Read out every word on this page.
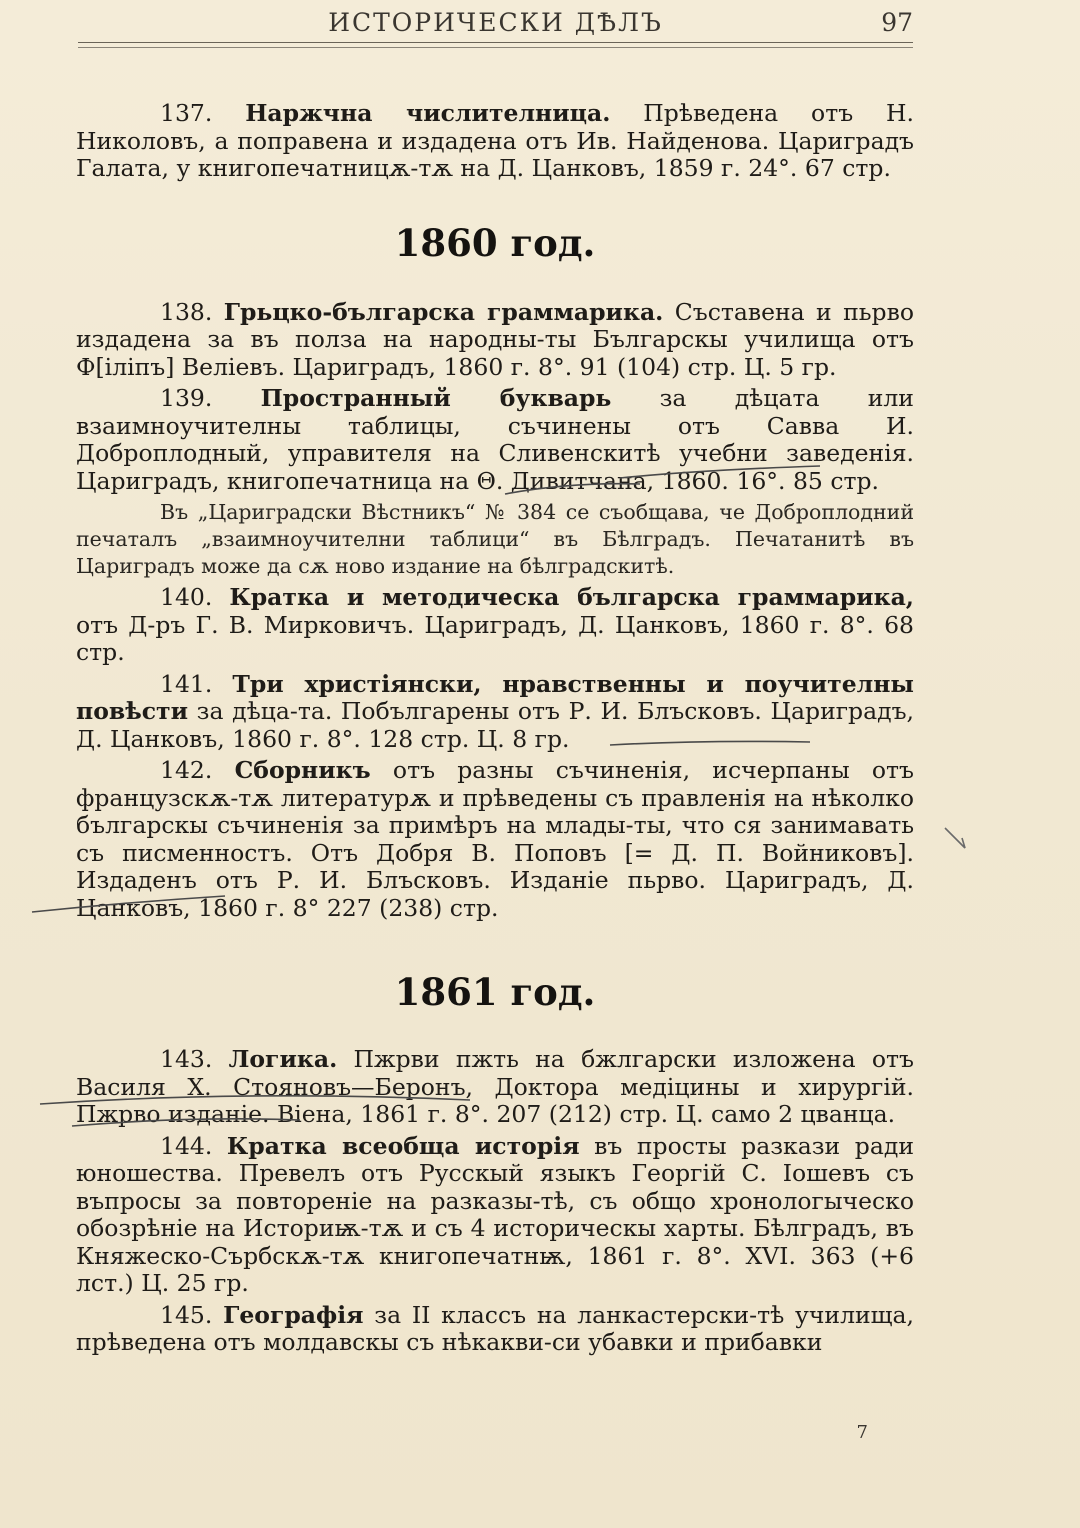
ИСТОРИЧЕСКИ ДѢЛЪ	97

137. Наржчна числителница. Прѣведена отъ Н. Николовъ, а поправена и издадена отъ Ив. Найденова. Цариградъ Галата, у книгопечатницѫ-тѫ на Д. Цанковъ, 1859 г. 24°. 67 стр.

1860 год.

138. Грьцко-българска граммарика. Съставена и пьрво издадена за въ полза на народны-ты Българскы училища отъ Ф[іліпъ] Велiевъ. Цариградъ, 1860 г. 8°. 91 (104) стр. Ц. 5 гр.

139. Пространный букварь за дѣцата или взаимноучителны таблицы, съчинены отъ Савва И. Доброплодный, управителя на Сливенскитѣ учебни заведенія. Цариградъ, книгопечатница на Θ. Дивитчана, 1860. 16°. 85 стр.

Въ „Цариградски Вѣстникъ“ № 384 се съобщава, че Доброплодний печаталъ „взаимноучителни таблици“ въ Бѣлградъ. Печатанитѣ въ Цариградъ може да сѫ ново издание на бѣлградскитѣ.

140. Кратка и методическа българска граммарика, отъ Д-ръ Г. В. Мирковичъ. Цариградъ, Д. Цанковъ, 1860 г. 8°. 68 стр.

141. Три христіянски, нравственны и поучителны повѣсти за дѣца-та. Побългарены отъ Р. И. Блъсковъ. Цариградъ, Д. Цанковъ, 1860 г. 8°. 128 стр. Ц. 8 гр.

142. Сборникъ отъ разны съчиненія, исчерпаны отъ французскѫ-тѫ литературѫ и прѣведены съ правленія на нѣколко българскы съчиненія за примѣръ на млады-ты, что ся занимавать съ писменностъ. Отъ Добря В. Поповъ [= Д. П. Войниковъ]. Издаденъ отъ Р. И. Блъсковъ. Изданіе пьрво. Цариградъ, Д. Цанковъ, 1860 г. 8° 227 (238) стр.

1861 год.

143. Логика. Пжрви пжть на бжлгарски изложена отъ Василя Х. Стояновъ—Беронъ, Доктора медіцины и хирургій. Пжрво изданіе. Віена, 1861 г. 8°. 207 (212) стр. Ц. само 2 цванца.

144. Кратка всеобща исторія въ просты разкази ради юношества. Превелъ отъ Русскый языкъ Георгій С. Іошевъ съ въпросы за повтореніе на разказы-тѣ, съ общо хронологыческо обозрѣніе на Историѭ-тѫ и съ 4 историческы харты. Бѣлградъ, въ Княжеско-Сърбскѫ-тѫ книгопечатнѭ, 1861 г. 8°. XVI. 363 (+6 лст.) Ц. 25 гр.

145. Географія за II классъ на ланкастерски-тѣ училища, прѣведена отъ молдавскы съ нѣкакви-си убавки и прибавки

7
